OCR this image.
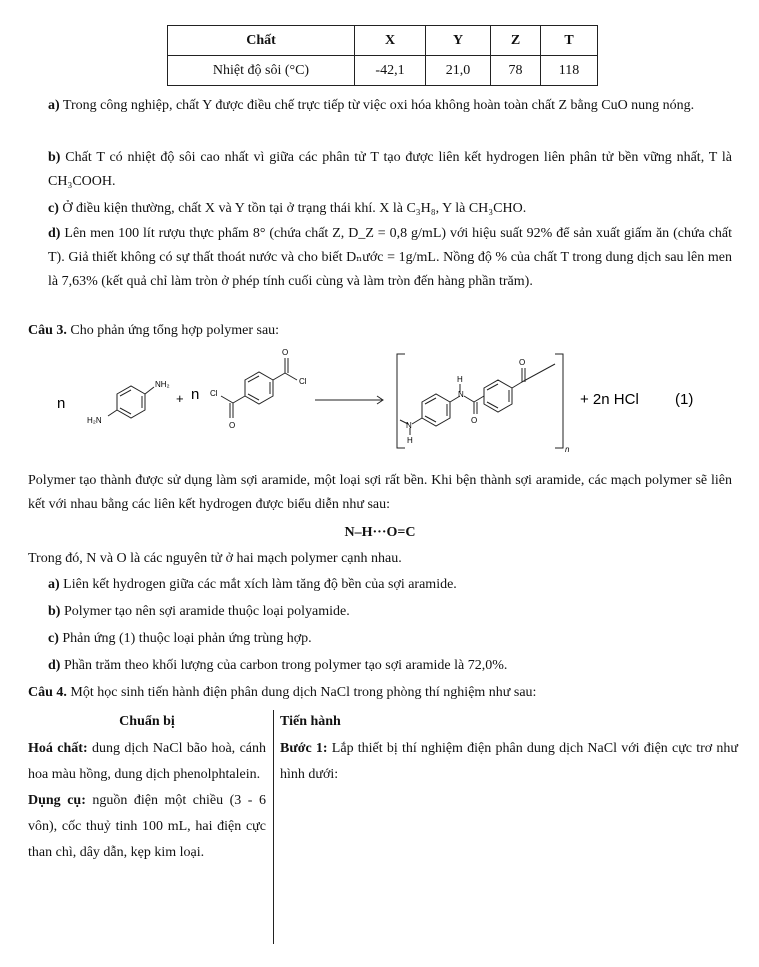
Chất	X	Y	Z	T
Nhiệt độ sôi (°C)	-42,1	21,0	78	118
a) Trong công nghiệp, chất Y được điều chế trực tiếp từ việc oxi hóa không hoàn toàn chất Z bằng CuO nung nóng.
b) Chất T có nhiệt độ sôi cao nhất vì giữa các phân tử T tạo được liên kết hydrogen liên phân tử bền vững nhất, T là CH₃COOH.
c) Ở điều kiện thường, chất X và Y tồn tại ở trạng thái khí. X là C₃H₈, Y là CH₃CHO.
d) Lên men 100 lít rượu thực phẩm 8° (chứa chất Z, D_Z = 0,8 g/mL) với hiệu suất 92% để sản xuất giấm ăn (chứa chất T). Giả thiết không có sự thất thoát nước và cho biết Dₙước = 1g/mL. Nồng độ % của chất T trong dung dịch sau lên men là 7,63% (kết quả chỉ làm tròn ở phép tính cuối cùng và làm tròn đến hàng phần trăm).
Câu 3. Cho phản ứng tổng hợp polymer sau:
n
NH₂
H₂N
+ n
O
Cl
Cl
O	N
H
N
H
O
O
n
+ 2n HCl (1)
Polymer tạo thành được sử dụng làm sợi aramide, một loại sợi rất bền. Khi bện thành sợi aramide, các mạch polymer sẽ liên kết với nhau bằng các liên kết hydrogen được biểu diễn như sau:
N–H···O=C
Trong đó, N và O là các nguyên tử ở hai mạch polymer cạnh nhau.
a) Liên kết hydrogen giữa các mắt xích làm tăng độ bền của sợi aramide.
b) Polymer tạo nên sợi aramide thuộc loại polyamide.
c) Phản ứng (1) thuộc loại phản ứng trùng hợp.
d) Phần trăm theo khối lượng của carbon trong polymer tạo sợi aramide là 72,0%.
Câu 4. Một học sinh tiến hành điện phân dung dịch NaCl trong phòng thí nghiệm như sau:
Chuẩn bị
Hoá chất: dung dịch NaCl bão hoà, cánh hoa màu hồng, dung dịch phenolphtalein.
Dụng cụ: nguồn điện một chiều (3 - 6 vôn), cốc thuỷ tinh 100 mL, hai điện cực than chì, dây dẫn, kẹp kim loại.
Tiến hành
Bước 1: Lắp thiết bị thí nghiệm điện phân dung dịch NaCl với điện cực trơ như hình dưới:
